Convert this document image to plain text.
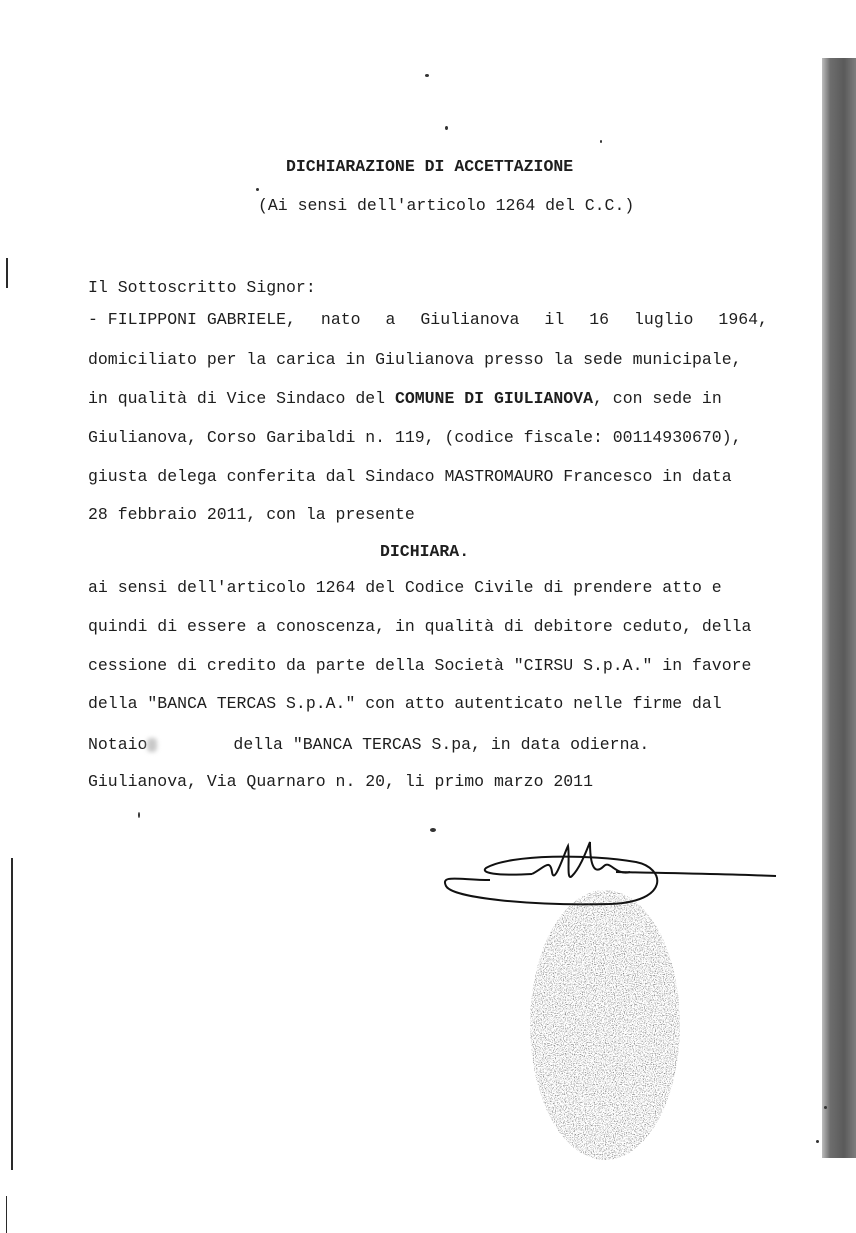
DICHIARAZIONE DI ACCETTAZIONE
(Ai sensi dell'articolo 1264 del C.C.)
Il Sottoscritto Signor:
- FILIPPONI GABRIELE, nato a Giulianova il 16 luglio 1964,
domiciliato per la carica in Giulianova presso la sede municipale,
in qualità di Vice Sindaco del COMUNE DI GIULIANOVA, con sede in
Giulianova, Corso Garibaldi n. 119, (codice fiscale: 00114930670),
giusta delega conferita dal Sindaco MASTROMAURO Francesco in data
28 febbraio 2011, con la presente
DICHIARA.
ai sensi dell'articolo 1264 del Codice Civile di prendere atto e
quindi di essere a conoscenza, in qualità di debitore ceduto, della
cessione di credito da parte della Società "CIRSU S.p.A." in favore
della "BANCA TERCAS S.p.A." con atto autenticato nelle firme dal
Notaio	della "BANCA TERCAS S.pa, in data odierna.
Giulianova, Via Quarnaro n. 20, li primo marzo 2011
